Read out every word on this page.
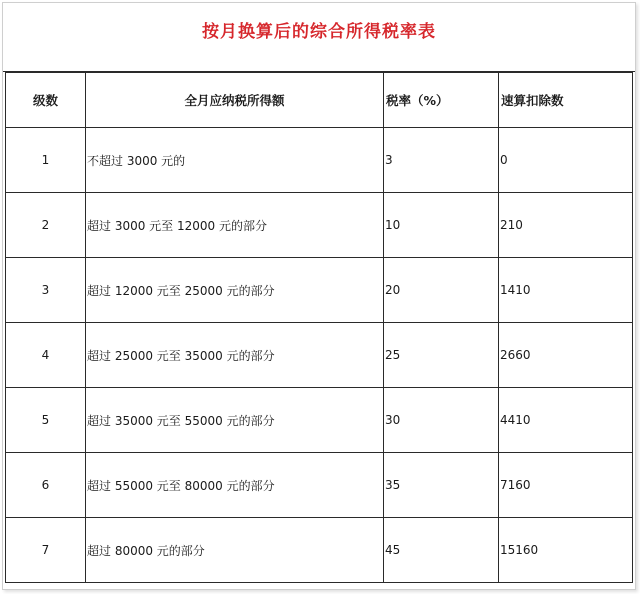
按月换算后的综合所得税率表
级数	全月应纳税所得额	税率（%）	速算扣除数
1	不超过 3000 元的	3	0
2	超过 3000 元至 12000 元的部分	10	210
3	超过 12000 元至 25000 元的部分	20	1410
4	超过 25000 元至 35000 元的部分	25	2660
5	超过 35000 元至 55000 元的部分	30	4410
6	超过 55000 元至 80000 元的部分	35	7160
7	超过 80000 元的部分	45	15160
